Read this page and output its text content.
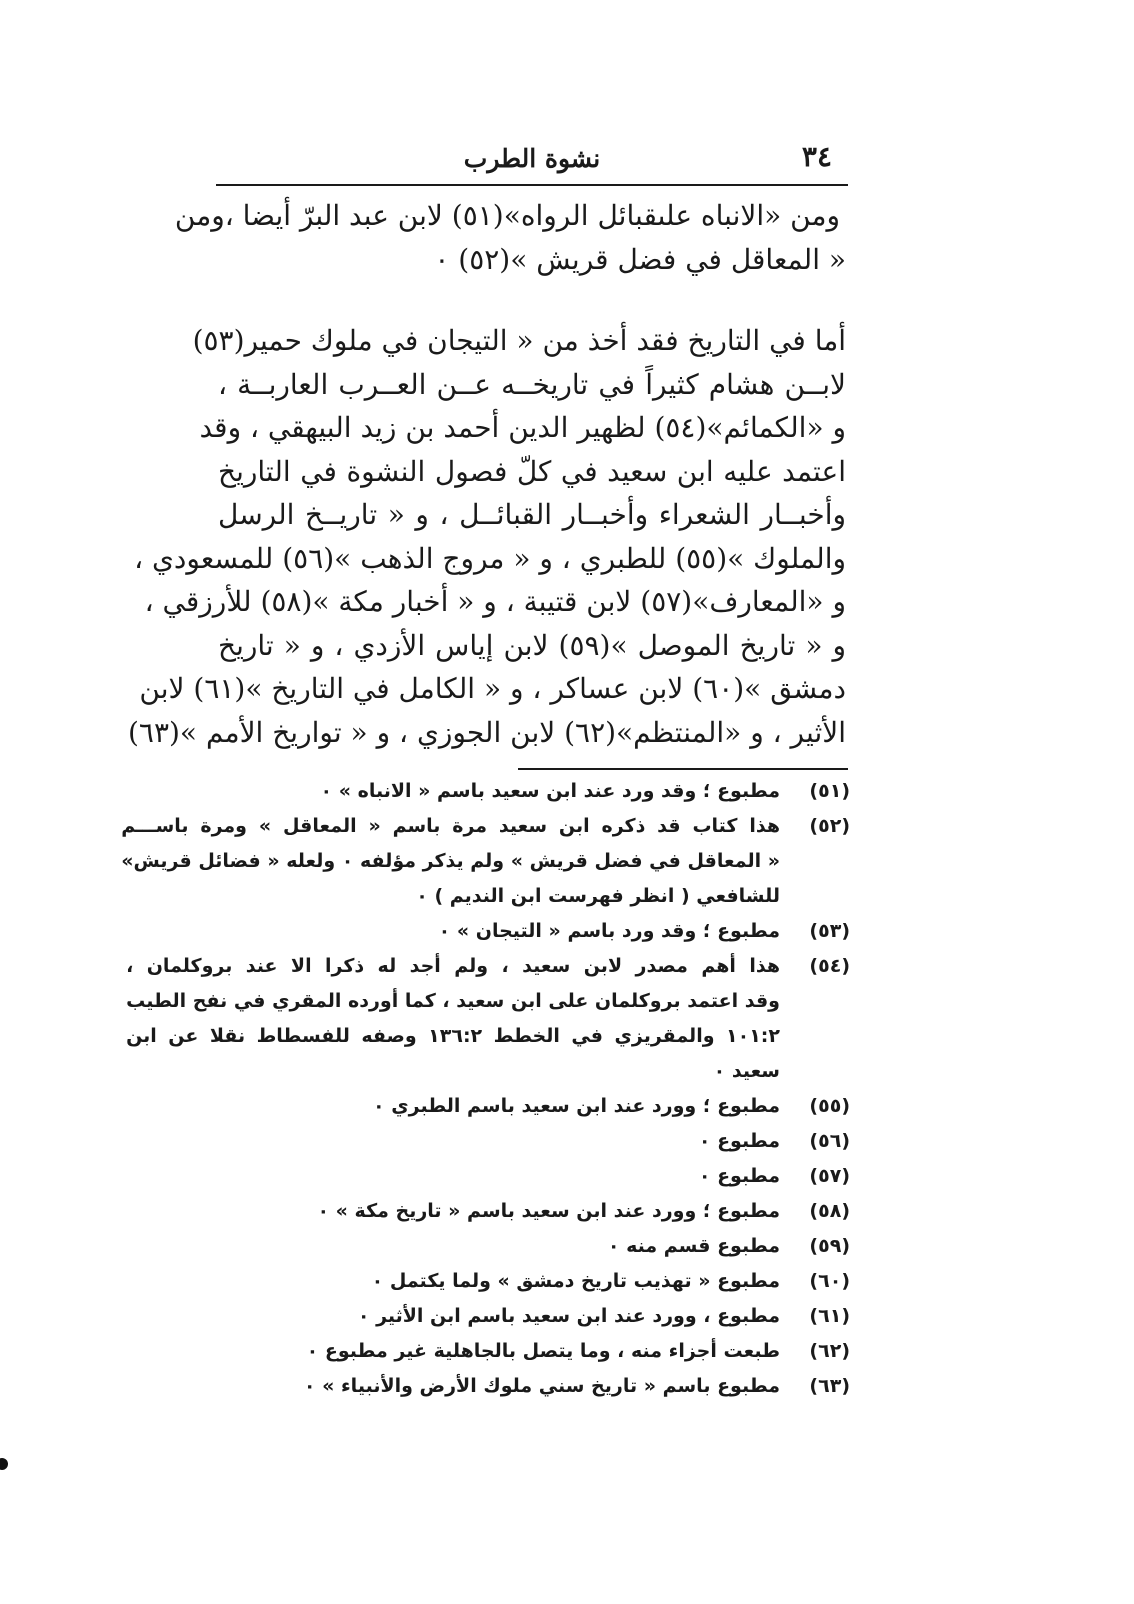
٣٤
نشوة الطرب

ومن «الانباه علىقبائل الرواه»(٥١) لابن عبد البرّ أيضا ،ومن
« المعاقل في فضل قريش »(٥٢) ٠

أما في التاريخ فقد أخذ من « التيجان في ملوك حمير(٥٣)
لابــن هشام كثيراً في تاريخــه عــن العــرب العاربــة ،
و «الكمائم»(٥٤) لظهير الدين أحمد بن زيد البيهقي ، وقد
اعتمد عليه ابن سعيد في كلّ فصول النشوة في التاريخ
وأخبــار الشعراء وأخبــار القبائــل ، و « تاريــخ الرسل
والملوك »(٥٥) للطبري ، و « مروج الذهب »(٥٦) للمسعودي ،
و «المعارف»(٥٧) لابن قتيبة ، و « أخبار مكة »(٥٨) للأرزقي ،
و « تاريخ الموصل »(٥٩) لابن إياس الأزدي ، و « تاريخ
دمشق »(٦٠) لابن عساكر ، و « الكامل في التاريخ »(٦١) لابن
الأثير ، و «المنتظم»(٦٢) لابن الجوزي ، و « تواريخ الأمم »(٦٣)

(٥١)
مطبوع ؛ وقد ورد عند ابن سعيد باسم « الانباه » ٠
(٥٢)
هذا كتاب قد ذكره ابن سعيد مرة باسم « المعاقل » ومرة باســـم
« المعاقل في فضل قريش » ولم يذكر مؤلفه ٠ ولعله « فضائل قريش»
للشافعي ( انظر فهرست ابن النديم ) ٠
(٥٣)
مطبوع ؛ وقد ورد باسم « التيجان » ٠
(٥٤)
هذا أهم مصدر لابن سعيد ، ولم أجد له ذكرا الا عند بروكلمان ،
وقد اعتمد بروكلمان على ابن سعيد ، كما أورده المقري في نفح الطيب
١٠١:٢ والمقريزي في الخطط ١٣٦:٢ وصفه للفسطاط نقلا عن ابن
سعيد ٠
(٥٥)
مطبوع ؛ وورد عند ابن سعيد باسم الطبري ٠
(٥٦)
مطبوع ٠
(٥٧)
مطبوع ٠
(٥٨)
مطبوع ؛ وورد عند ابن سعيد باسم « تاريخ مكة » ٠
(٥٩)
مطبوع قسم منه ٠
(٦٠)
مطبوع « تهذيب تاريخ دمشق » ولما يكتمل ٠
(٦١)
مطبوع ، وورد عند ابن سعيد باسم ابن الأثير ٠
(٦٢)
طبعت أجزاء منه ، وما يتصل بالجاهلية غير مطبوع ٠
(٦٣)
مطبوع باسم « تاريخ سني ملوك الأرض والأنبياء » ٠
